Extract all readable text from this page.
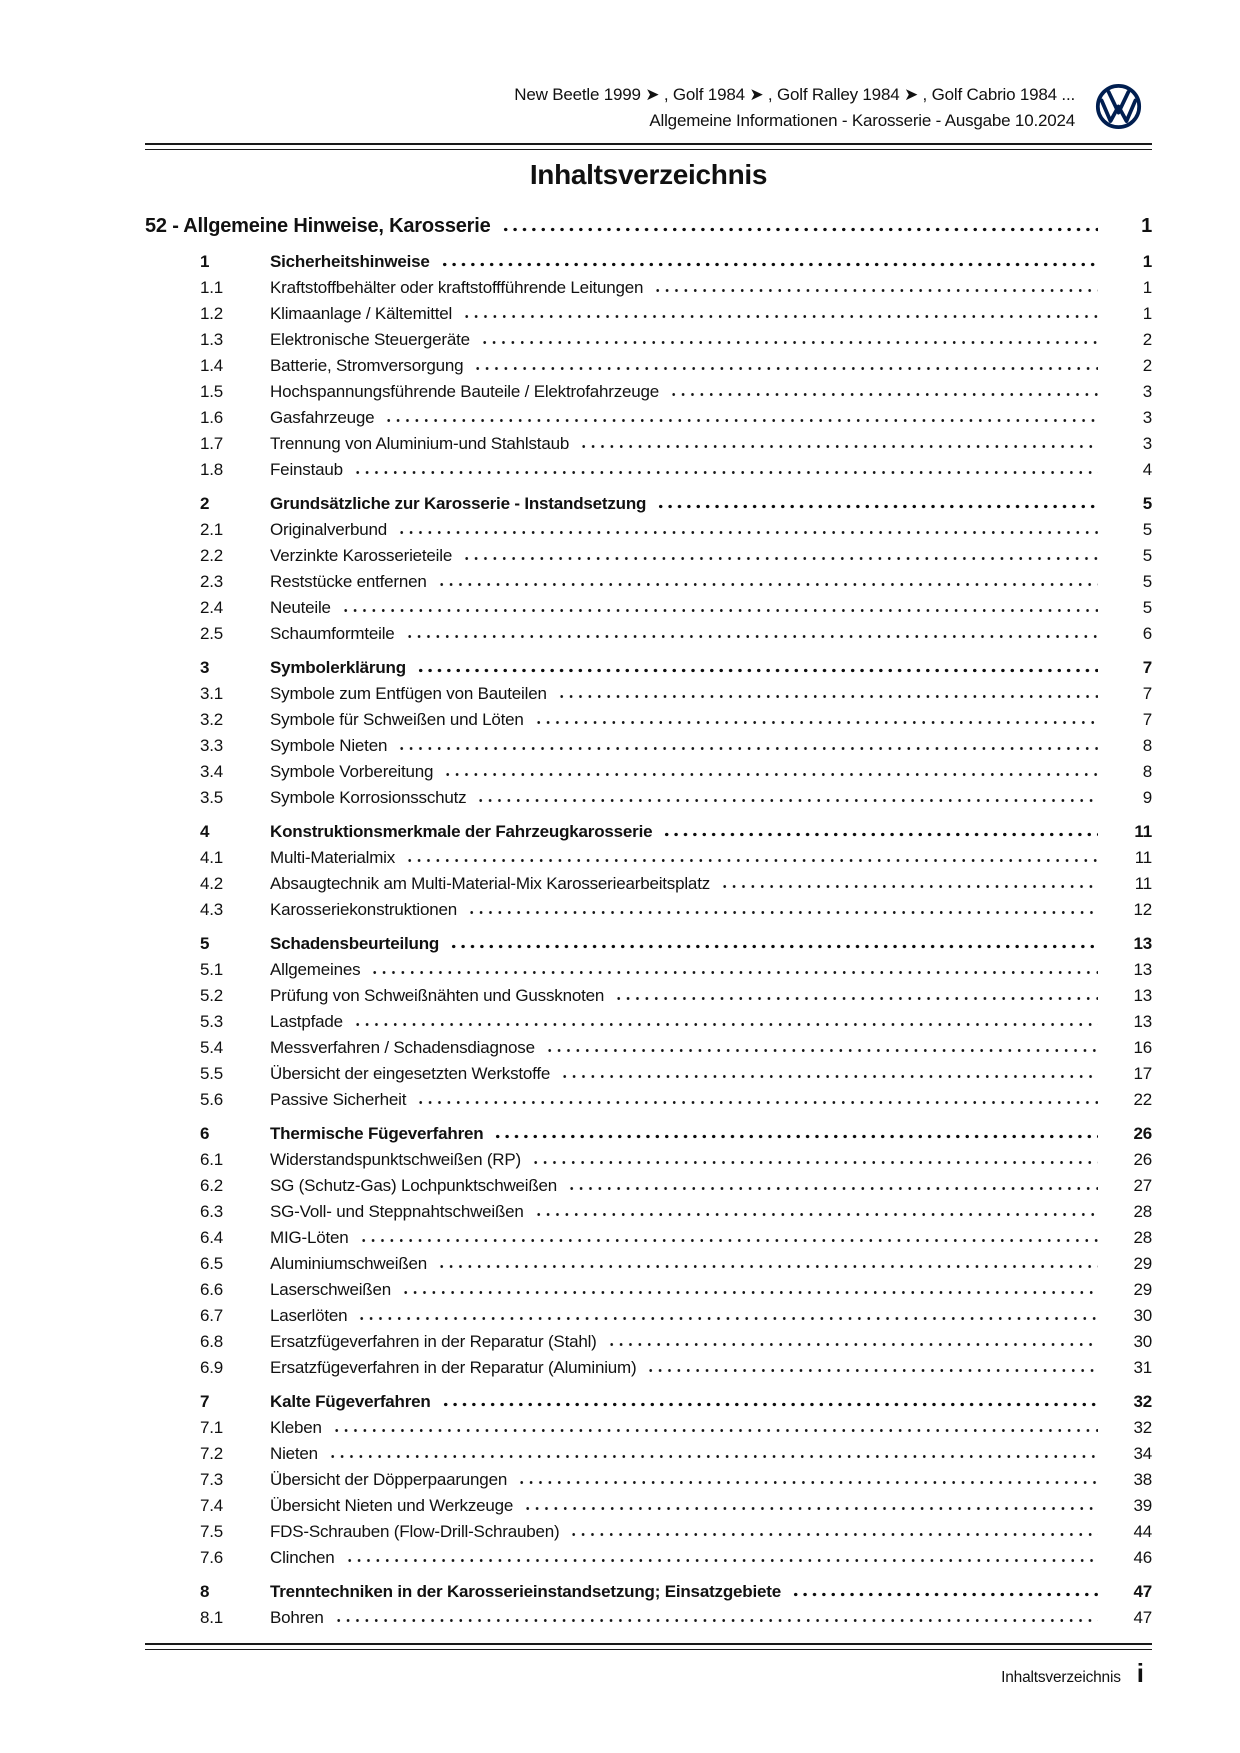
New Beetle 1999 ➤ , Golf 1984 ➤ , Golf Ralley 1984 ➤ , Golf Cabrio 1984 ...
Allgemeine Informationen - Karosserie - Ausgabe 10.2024
Inhaltsverzeichnis
52 - Allgemeine Hinweise, Karosserie	1
1	Sicherheitshinweise	1
1.1	Kraftstoffbehälter oder kraftstoffführende Leitungen	1
1.2	Klimaanlage / Kältemittel	1
1.3	Elektronische Steuergeräte	2
1.4	Batterie, Stromversorgung	2
1.5	Hochspannungsführende Bauteile / Elektrofahrzeuge	3
1.6	Gasfahrzeuge	3
1.7	Trennung von Aluminium-und Stahlstaub	3
1.8	Feinstaub	4
2	Grundsätzliche zur Karosserie - Instandsetzung	5
2.1	Originalverbund	5
2.2	Verzinkte Karosserieteile	5
2.3	Reststücke entfernen	5
2.4	Neuteile	5
2.5	Schaumformteile	6
3	Symbolerklärung	7
3.1	Symbole zum Entfügen von Bauteilen	7
3.2	Symbole für Schweißen und Löten	7
3.3	Symbole Nieten	8
3.4	Symbole Vorbereitung	8
3.5	Symbole Korrosionsschutz	9
4	Konstruktionsmerkmale der Fahrzeugkarosserie	11
4.1	Multi-Materialmix	11
4.2	Absaugtechnik am Multi-Material-Mix Karosseriearbeitsplatz	11
4.3	Karosseriekonstruktionen	12
5	Schadensbeurteilung	13
5.1	Allgemeines	13
5.2	Prüfung von Schweißnähten und Gussknoten	13
5.3	Lastpfade	13
5.4	Messverfahren / Schadensdiagnose	16
5.5	Übersicht der eingesetzten Werkstoffe	17
5.6	Passive Sicherheit	22
6	Thermische Fügeverfahren	26
6.1	Widerstandspunktschweißen (RP)	26
6.2	SG (Schutz-Gas) Lochpunktschweißen	27
6.3	SG-Voll- und Steppnahtschweißen	28
6.4	MIG-Löten	28
6.5	Aluminiumschweißen	29
6.6	Laserschweißen	29
6.7	Laserlöten	30
6.8	Ersatzfügeverfahren in der Reparatur (Stahl)	30
6.9	Ersatzfügeverfahren in der Reparatur (Aluminium)	31
7	Kalte Fügeverfahren	32
7.1	Kleben	32
7.2	Nieten	34
7.3	Übersicht der Döpperpaarungen	38
7.4	Übersicht Nieten und Werkzeuge	39
7.5	FDS-Schrauben (Flow-Drill-Schrauben)	44
7.6	Clinchen	46
8	Trenntechniken in der Karosserieinstandsetzung; Einsatzgebiete	47
8.1	Bohren	47
Inhaltsverzeichnis i
